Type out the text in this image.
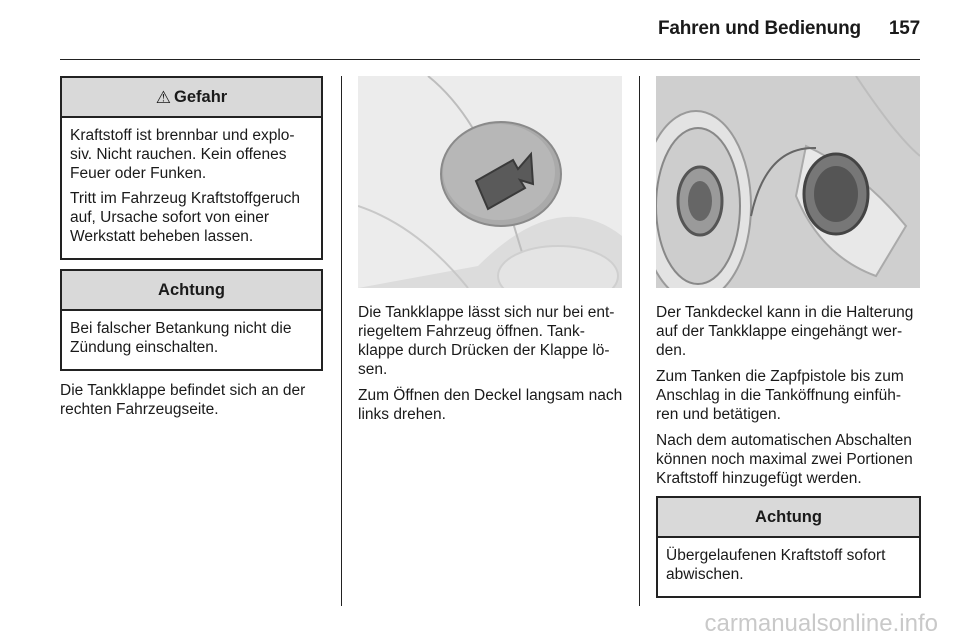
Fahren und Bedienung 157
⚠ Gefahr

Kraftstoff ist brennbar und explo-siv. Nicht rauchen. Kein offenes Feuer oder Funken.

Tritt im Fahrzeug Kraftstoffgeruch auf, Ursache sofort von einer Werkstatt beheben lassen.

Achtung

Bei falscher Betankung nicht die Zündung einschalten.

Die Tankklappe befindet sich an der rechten Fahrzeugseite.

Die Tankklappe lässt sich nur bei ent-riegeltem Fahrzeug öffnen. Tank-klappe durch Drücken der Klappe lö-sen.

Zum Öffnen den Deckel langsam nach links drehen.

Der Tankdeckel kann in die Halterung auf der Tankklappe eingehängt wer-den.

Zum Tanken die Zapfpistole bis zum Anschlag in die Tanköffnung einfüh-ren und betätigen.

Nach dem automatischen Abschalten können noch maximal zwei Portionen Kraftstoff hinzugefügt werden.

Achtung

Übergelaufenen Kraftstoff sofort abwischen.

carmanualsonline.info
